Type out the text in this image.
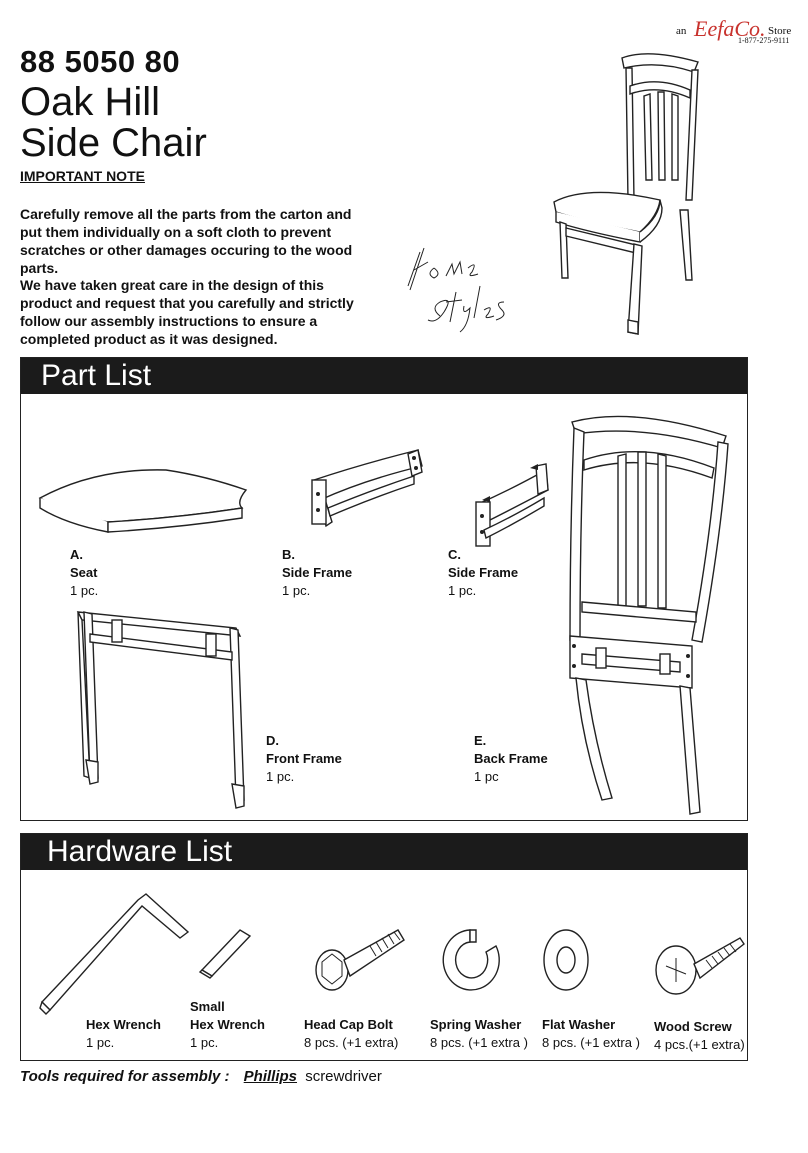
88 5050 80
Oak Hill
Side Chair
IMPORTANT NOTE
Carefully remove all the parts from the carton and put them individually on a soft cloth to prevent scratches or other damages occuring to the wood parts.
We have taken great care in the design of this product and request that you carefully and strictly follow our assembly instructions to ensure a completed product as it was designed.
an EefaCo. Store
1-877-275-9111
Part List
A.
Seat
1 pc.
B.
Side Frame
1 pc.
C.
Side Frame
1 pc.
D.
Front Frame
1 pc.
E.
Back Frame
1 pc
Hardware List
Hex Wrench
1 pc.
Small
Hex Wrench
1 pc.
Head Cap Bolt
8 pcs. (+1 extra)
Spring Washer
8 pcs. (+1 extra )
Flat Washer
8 pcs. (+1 extra )
Wood Screw
4 pcs.(+1 extra)
Tools required for assembly : Phillips screwdriver
